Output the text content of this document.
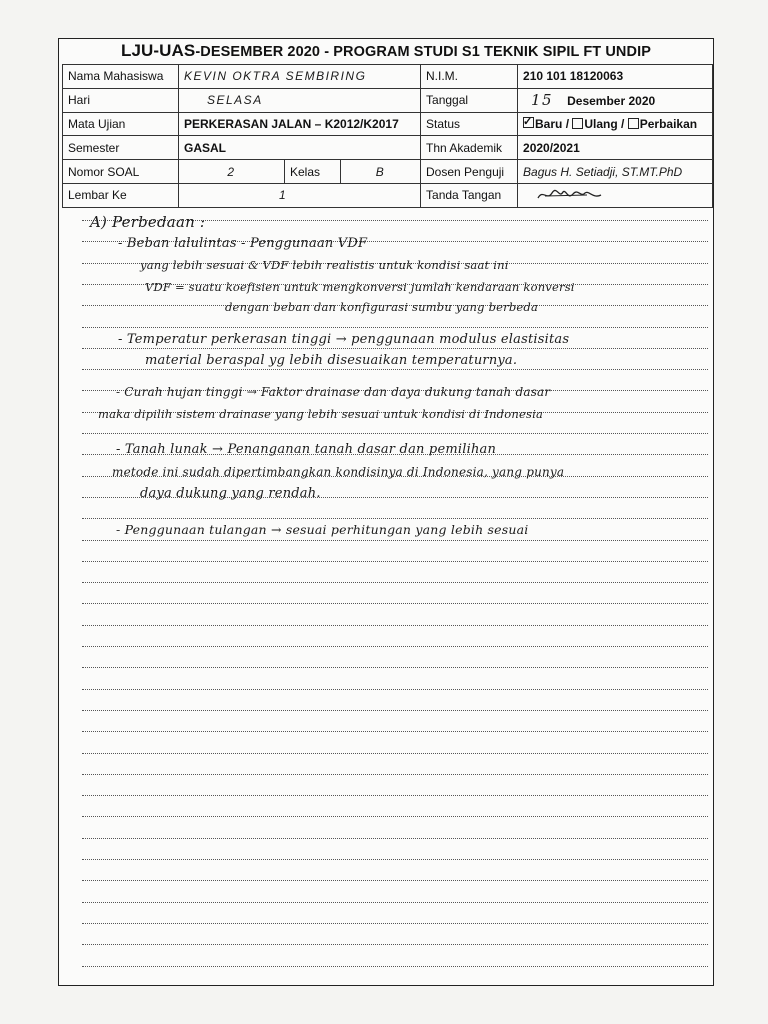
LJU-UAS-DESEMBER 2020 - PROGRAM STUDI S1 TEKNIK SIPIL FT UNDIP
Nama Mahasiswa	KEVIN OKTRA SEMBIRING			N.I.M.	210 101 18120063
Hari	SELASA			Tanggal	15 Desember 2020
Mata Ujian	PERKERASAN JALAN – K2012/K2017			Status	✓Baru / Ulang / Perbaikan
Semester	GASAL			Thn Akademik	2020/2021
Nomor SOAL	2	Kelas	B	Dosen Penguji	Bagus H. Setiadji, ST.MT.PhD
Lembar Ke	1			Tanda Tangan	
A) Perbedaan :
- Beban lalulintas - Penggunaan VDF
yang lebih sesuai & VDF lebih realistis untuk kondisi saat ini
VDF = suatu koefisien untuk mengkonversi jumlah kendaraan konversi
dengan beban dan konfigurasi sumbu yang berbeda
- Temperatur perkerasan tinggi → penggunaan modulus elastisitas
material beraspal yg lebih disesuaikan temperaturnya.
- Curah hujan tinggi → Faktor drainase dan daya dukung tanah dasar
maka dipilih sistem drainase yang lebih sesuai untuk kondisi di Indonesia
- Tanah lunak → Penanganan tanah dasar dan pemilihan
metode ini sudah dipertimbangkan kondisinya di Indonesia, yang punya
daya dukung yang rendah.
- Penggunaan tulangan → sesuai perhitungan yang lebih sesuai
